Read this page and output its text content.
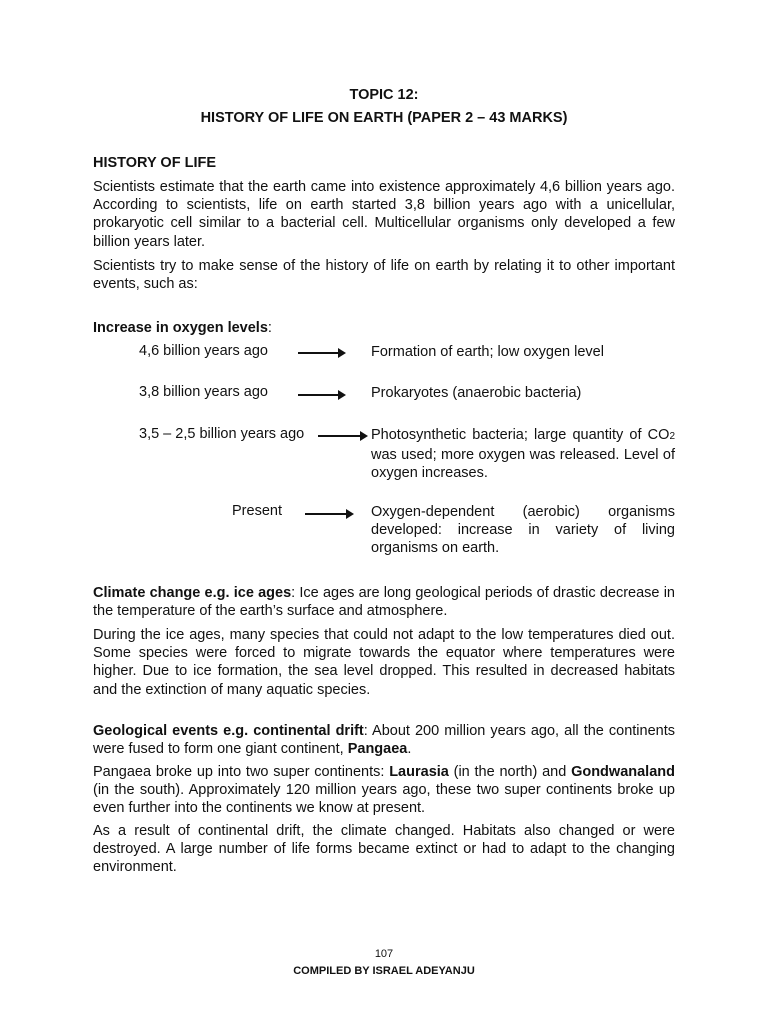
TOPIC 12:
HISTORY OF LIFE ON EARTH (PAPER 2 – 43 MARKS)
HISTORY OF LIFE

Scientists estimate that the earth came into existence approximately 4,6 billion years ago. According to scientists, life on earth started 3,8 billion years ago with a unicellular, prokaryotic cell similar to a bacterial cell. Multicellular organisms only developed a few billion years later.

Scientists try to make sense of the history of life on earth by relating it to other important events, such as:

Increase in oxygen levels:
4,6 billion years ago	Formation of earth; low oxygen level
3,8 billion years ago	Prokaryotes (anaerobic bacteria)
3,5 – 2,5 billion years ago	Photosynthetic bacteria; large quantity of CO2 was used; more oxygen was released. Level of oxygen increases.
Present	Oxygen-dependent (aerobic) organisms developed: increase in variety of living organisms on earth.

Climate change e.g. ice ages: Ice ages are long geological periods of drastic decrease in the temperature of the earth’s surface and atmosphere.

During the ice ages, many species that could not adapt to the low temperatures died out. Some species were forced to migrate towards the equator where temperatures were higher. Due to ice formation, the sea level dropped. This resulted in decreased habitats and the extinction of many aquatic species.

Geological events e.g. continental drift: About 200 million years ago, all the continents were fused to form one giant continent, Pangaea.

Pangaea broke up into two super continents: Laurasia (in the north) and Gondwanaland (in the south). Approximately 120 million years ago, these two super continents broke up even further into the continents we know at present.

As a result of continental drift, the climate changed. Habitats also changed or were destroyed. A large number of life forms became extinct or had to adapt to the changing environment.

107
COMPILED BY ISRAEL ADEYANJU
